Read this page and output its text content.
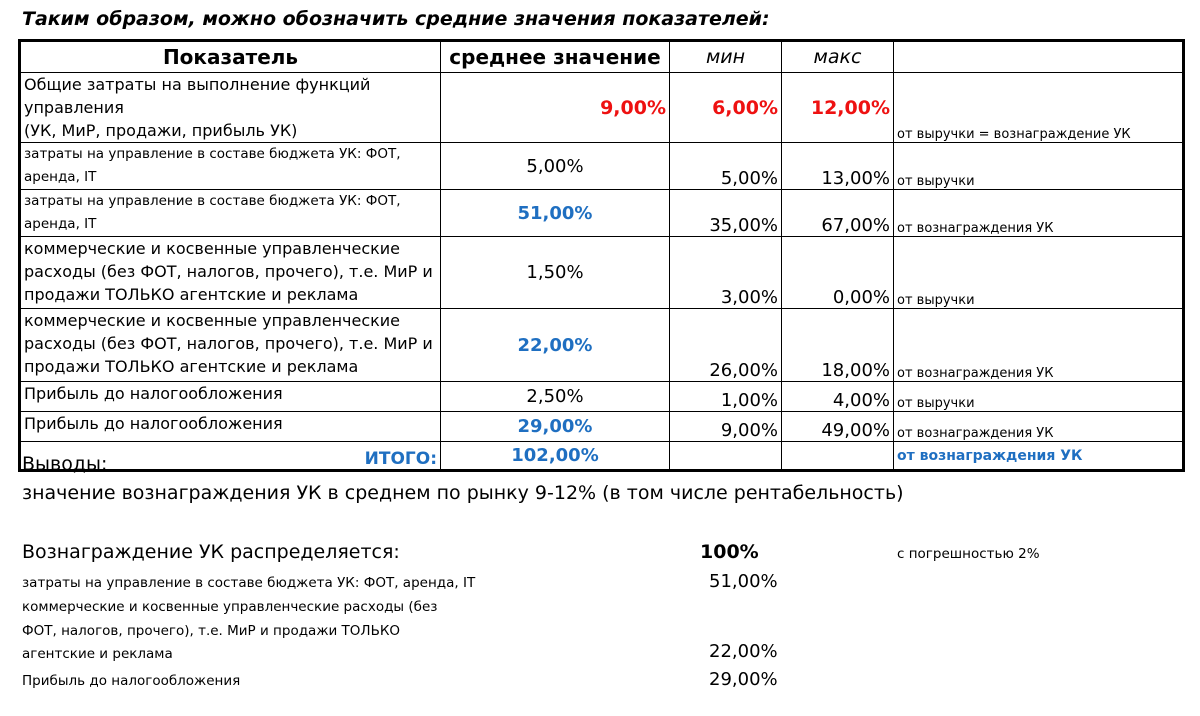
Таким образом, можно обозначить средние значения показателей:
Показатель	среднее значение	мин	макс	
Общие затраты на выполнение функций управления
(УК, МиР, продажи, прибыль УК)	9,00%	6,00%	12,00%	от выручки = вознаграждение УК
затраты на управление в составе бюджета УК: ФОТ,
аренда, IT	5,00%	5,00%	13,00%	от выручки
затраты на управление в составе бюджета УК: ФОТ,
аренда, IT	51,00%	35,00%	67,00%	от вознаграждения УК
коммерческие и косвенные управленческие
расходы (без ФОТ, налогов, прочего), т.е. МиР и
продажи ТОЛЬКО агентские и реклама	1,50%	3,00%	0,00%	от выручки
коммерческие и косвенные управленческие
расходы (без ФОТ, налогов, прочего), т.е. МиР и
продажи ТОЛЬКО агентские и реклама	22,00%	26,00%	18,00%	от вознаграждения УК
Прибыль до налогообложения	2,50%	1,00%	4,00%	от выручки
Прибыль до налогообложения	29,00%	9,00%	49,00%	от вознаграждения УК
ИТОГО:	102,00%			от вознаграждения УК
Выводы:
значение вознаграждения УК в среднем по рынку 9-12% (в том числе рентабельность)
Вознаграждение УК распределяется:	100%	с погрешностью 2%
затраты на управление в составе бюджета УК: ФОТ, аренда, IT	51,00%
коммерческие и косвенные управленческие расходы (без
ФОТ, налогов, прочего), т.е. МиР и продажи ТОЛЬКО
агентские и реклама	22,00%
Прибыль до налогообложения	29,00%
